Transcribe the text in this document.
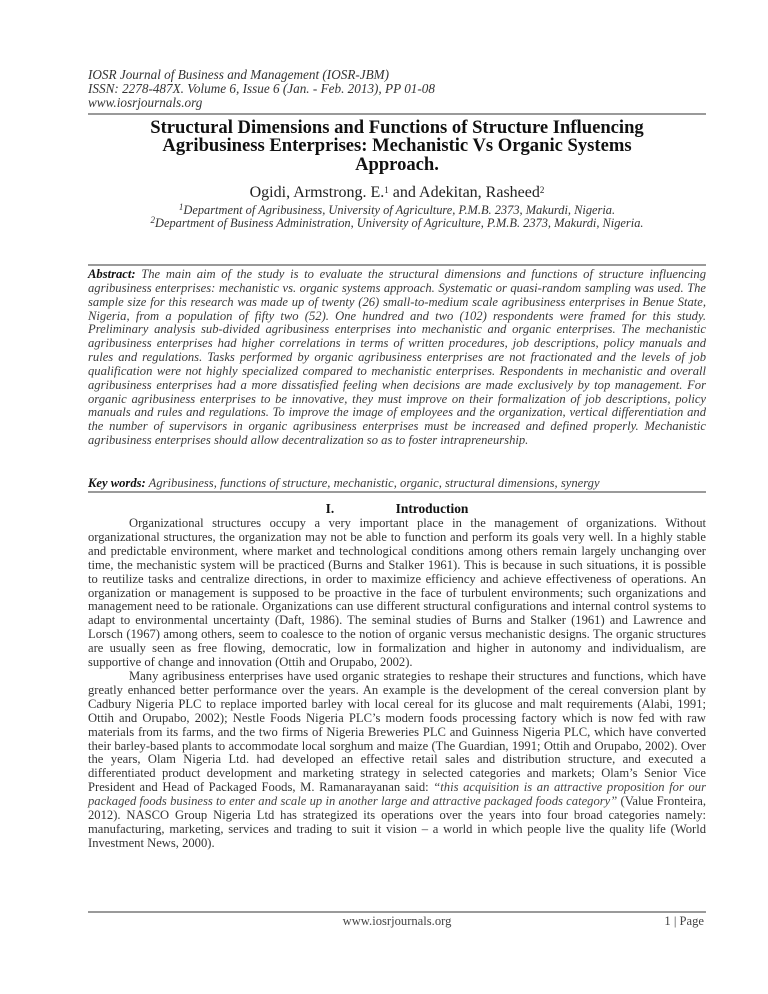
IOSR Journal of Business and Management (IOSR-JBM)
ISSN: 2278-487X. Volume 6, Issue 6 (Jan. - Feb. 2013), PP 01-08
www.iosrjournals.org
Structural Dimensions and Functions of Structure Influencing
Agribusiness Enterprises: Mechanistic Vs Organic Systems
Approach.
Ogidi, Armstrong. E.$^1$ and Adekitan, Rasheed$^2$
$^1$Department of Agribusiness, University of Agriculture, P.M.B. 2373, Makurdi, Nigeria.
$^2$Department of Business Administration, University of Agriculture, P.M.B. 2373, Makurdi, Nigeria.
Abstract: The main aim of the study is to evaluate the structural dimensions and functions of structure influencing agribusiness enterprises: mechanistic vs. organic systems approach. Systematic or quasi-random sampling was used. The sample size for this research was made up of twenty (26) small-to-medium scale agribusiness enterprises in Benue State, Nigeria, from a population of fifty two (52). One hundred and two (102) respondents were framed for this study. Preliminary analysis sub-divided agribusiness enterprises into mechanistic and organic enterprises. The mechanistic agribusiness enterprises had higher correlations in terms of written procedures, job descriptions, policy manuals and rules and regulations. Tasks performed by organic agribusiness enterprises are not fractionated and the levels of job qualification were not highly specialized compared to mechanistic enterprises. Respondents in mechanistic and overall agribusiness enterprises had a more dissatisfied feeling when decisions are made exclusively by top management. For organic agribusiness enterprises to be innovative, they must improve on their formalization of job descriptions, policy manuals and rules and regulations. To improve the image of employees and the organization, vertical differentiation and the number of supervisors in organic agribusiness enterprises must be increased and defined properly. Mechanistic agribusiness enterprises should allow decentralization so as to foster intrapreneurship.
Key words: Agribusiness, functions of structure, mechanistic, organic, structural dimensions, synergy
I.	Introduction

Organizational structures occupy a very important place in the management of organizations. Without organizational structures, the organization may not be able to function and perform its goals very well. In a highly stable and predictable environment, where market and technological conditions among others remain largely unchanging over time, the mechanistic system will be practiced (Burns and Stalker 1961). This is because in such situations, it is possible to reutilize tasks and centralize directions, in order to maximize efficiency and achieve effectiveness of operations. An organization or management is supposed to be proactive in the face of turbulent environments; such organizations and management need to be rationale. Organizations can use different structural configurations and internal control systems to adapt to environmental uncertainty (Daft, 1986). The seminal studies of Burns and Stalker (1961) and Lawrence and Lorsch (1967) among others, seem to coalesce to the notion of organic versus mechanistic designs. The organic structures are usually seen as free flowing, democratic, low in formalization and higher in autonomy and individualism, are supportive of change and innovation (Ottih and Orupabo, 2002).

Many agribusiness enterprises have used organic strategies to reshape their structures and functions, which have greatly enhanced better performance over the years. An example is the development of the cereal conversion plant by Cadbury Nigeria PLC to replace imported barley with local cereal for its glucose and malt requirements (Alabi, 1991; Ottih and Orupabo, 2002); Nestle Foods Nigeria PLC’s modern foods processing factory which is now fed with raw materials from its farms, and the two firms of Nigeria Breweries PLC and Guinness Nigeria PLC, which have converted their barley-based plants to accommodate local sorghum and maize (The Guardian, 1991; Ottih and Orupabo, 2002). Over the years, Olam Nigeria Ltd. had developed an effective retail sales and distribution structure, and executed a differentiated product development and marketing strategy in selected categories and markets; Olam’s Senior Vice President and Head of Packaged Foods, M. Ramanarayanan said: “this acquisition is an attractive proposition for our packaged foods business to enter and scale up in another large and attractive packaged foods category” (Value Fronteira, 2012). NASCO Group Nigeria Ltd has strategized its operations over the years into four broad categories namely: manufacturing, marketing, services and trading to suit it vision – a world in which people live the quality life (World Investment News, 2000).

www.iosrjournals.org	1 | Page
